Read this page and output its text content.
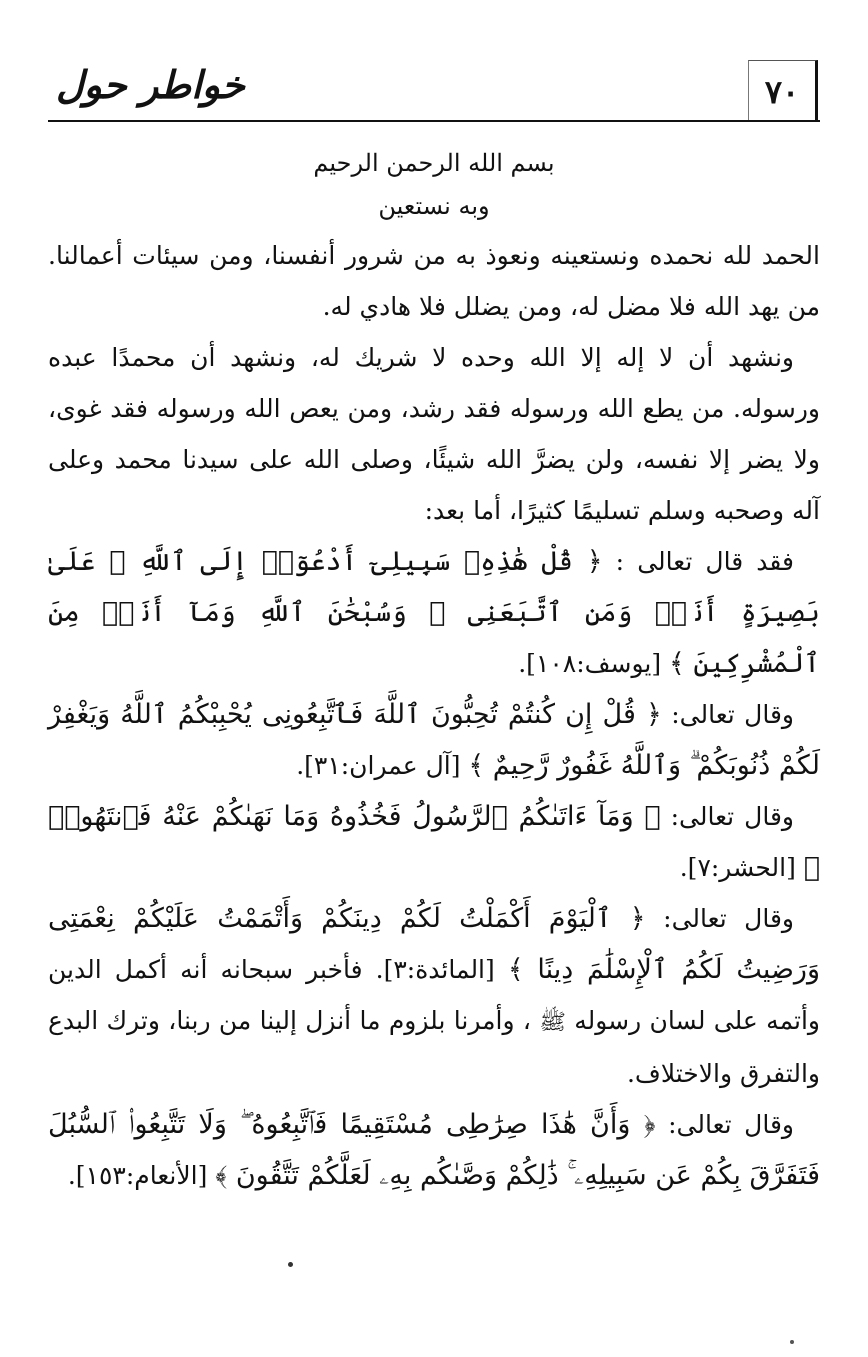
٧٠
خواطر حول
بسم الله الرحمن الرحيم
وبه نستعين

الحمد لله نحمده ونستعينه ونعوذ به من شرور أنفسنا، ومن سيئات أعمالنا. من يهد الله فلا مضل له، ومن يضلل فلا هادي له.

ونشهد أن لا إله إلا الله وحده لا شريك له، ونشهد أن محمدًا عبده ورسوله. من يطع الله ورسوله فقد رشد، ومن يعص الله ورسوله فقد غوى، ولا يضر إلا نفسه، ولن يضرَّ الله شيئًا، وصلى الله على سيدنا محمد وعلى آله وصحبه وسلم تسليمًا كثيرًا، أما بعد:

فقد قال تعالى : ﴿ قُلْ هَٰذِهِۦ سَبِيلِىٓ أَدْعُوٓا۟ إِلَى ٱللَّهِ ۚ عَلَىٰ بَصِيرَةٍ أَنَا۠ وَمَنِ ٱتَّبَعَنِى ۖ وَسُبْحَٰنَ ٱللَّهِ وَمَآ أَنَا۠ مِنَ ٱلْمُشْرِكِينَ ﴾ [يوسف:١٠٨].

وقال تعالى: ﴿ قُلْ إِن كُنتُمْ تُحِبُّونَ ٱللَّهَ فَٱتَّبِعُونِى يُحْبِبْكُمُ ٱللَّهُ وَيَغْفِرْ لَكُمْ ذُنُوبَكُمْ ۗ وَٱللَّهُ غَفُورٌ رَّحِيمٌ ﴾ [آل عمران:٣١].

وقال تعالى: ﴿ وَمَآ ءَاتَىٰكُمُ ٱلرَّسُولُ فَخُذُوهُ وَمَا نَهَىٰكُمْ عَنْهُ فَٱنتَهُوا۟ ﴾ [الحشر:٧].

وقال تعالى: ﴿ ٱلْيَوْمَ أَكْمَلْتُ لَكُمْ دِينَكُمْ وَأَتْمَمْتُ عَلَيْكُمْ نِعْمَتِى وَرَضِيتُ لَكُمُ ٱلْإِسْلَٰمَ دِينًا ﴾ [المائدة:٣]. فأخبر سبحانه أنه أكمل الدين وأتمه على لسان رسوله ﷺ ، وأمرنا بلزوم ما أنزل إلينا من ربنا، وترك البدع والتفرق والاختلاف.

وقال تعالى: ﴿ وَأَنَّ هَٰذَا صِرَٰطِى مُسْتَقِيمًا فَٱتَّبِعُوهُ ۖ وَلَا تَتَّبِعُوا۟ ٱلسُّبُلَ فَتَفَرَّقَ بِكُمْ عَن سَبِيلِهِۦ ۚ ذَٰلِكُمْ وَصَّىٰكُم بِهِۦ لَعَلَّكُمْ تَتَّقُونَ ﴾ [الأنعام:١٥٣].
